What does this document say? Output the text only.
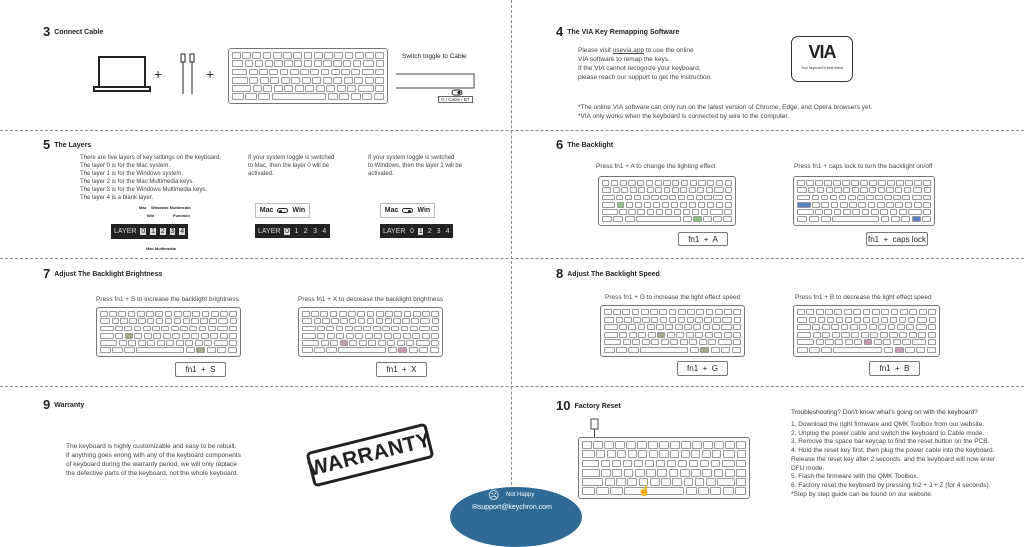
3 Connect Cable
+	+
Switch toggle to Cable
G / Cable / BT
4 The VIA Key Remapping Software
Please visit usevia.app to use the online
VIA software to remap the keys.
If the VIA cannot recognize your keyboard,
please reach our support to get the instruction.
VIA
Your keyboard's best friend
*The online VIA software can only run on the latest version of Chrome, Edge, and Opera browsers yet.
*VIA only works when the keyboard is connected by wire to the computer.
5 The Layers
There are five layers of key settings on the keyboard.
The layer 0 is for the Mac system.
The layer 1 is for the Windows system.
The layer 2 is for the Mac Multimedia keys.
The layer 3 is for the Windows Multimedia keys.
The layer 4 is a blank layer.
Mac Windows Multimedia
Win	Function
Mac Multimedia
LAYER 0 1 2 3 4
If your system toggle is switched
to Mac, then the layer 0 will be
activated.
Mac	Win
LAYER 0 1 2 3 4
If your system toggle is switched
to Windows, then the layer 1 will be
activated.
Mac	Win
LAYER 0 1 2 3 4
6 The Backlight
Press fn1 + A to change the lighting effect
fn1  +  A
Press fn1 + caps lock to turn the backlight on/off
fn1  +  caps lock
7 Adjust The Backlight Brightness
Press fn1 + S to increase the backlight brightness
fn1  +  S
Press fn1 + X to decrease the backlight brightness
fn1  +  X
8 Adjust The Backlight Speed
Press fn1 + G to increase the light effect speed
fn1  +  G
Press fn1 + B to decrease the light effect speed
fn1  +  B
9 Warranty
The keyboard is highly customizable and easy to be rebuilt.
If anything goes wrong with any of the keyboard components
of keyboard during the warranty period, we will only replace
the defective parts of the keyboard, not the whole keyboard.	WARRANTY
10 Factory Reset
☝
Troubleshooting? Don't know what's going on with the keyboard?
1. Download the right firmware and QMK Toolbox from our website.
2. Unplug the power cable and switch the keyboard to Cable mode.
3. Remove the space bar keycap to find the reset button on the PCB.
4. Hold the reset key first, then plug the power cable into the keyboard.
Release the reset key after 2 seconds, and the keyboard will now enter
DFU mode.
5. Flash the firmware with the QMK Toolbox.
6. Factory reset the keyboard by pressing fn2 + J + Z (for 4 seconds).
*Step by step guide can be found on our website.
☹ Not Happy
✉support@keychron.com
